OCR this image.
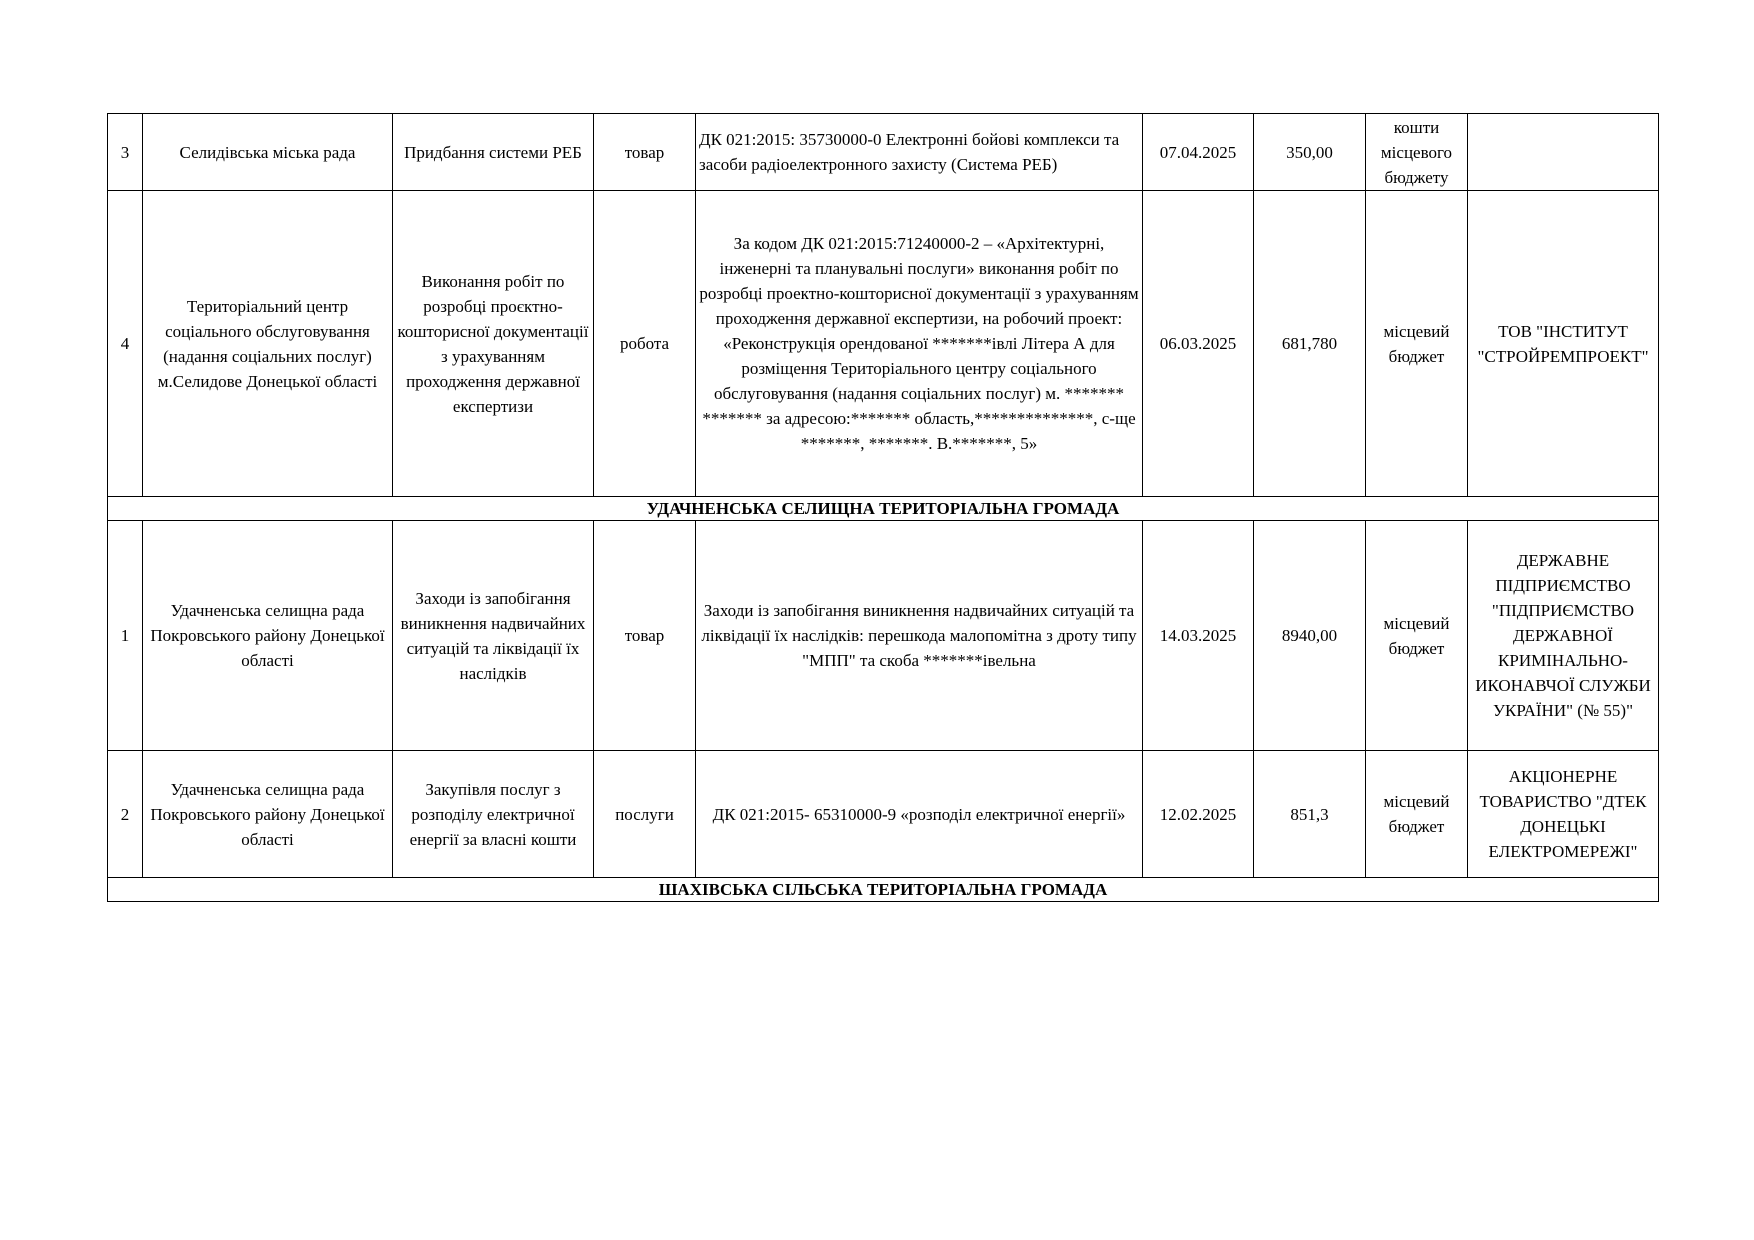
3	Селидівська міська рада	Придбання системи РЕБ	товар	ДК 021:2015: 35730000-0 Електронні бойові комплекси та засоби радіоелектронного захисту (Система РЕБ)	07.04.2025	350,00	кошти місцевого бюджету	
4	Територіальний центр соціального обслуговування (надання соціальних послуг) м.Селидове Донецької області	Виконання робіт по розробці проєктно-кошторисної документації з урахуванням проходження державної експертизи	робота	За кодом ДК 021:2015:71240000-2 – «Архітектурні, інженерні та планувальні послуги» виконання робіт по розробці проектно-кошторисної документації з урахуванням проходження державної експертизи, на робочий проект: «Реконструкція орендованої *******івлі Літера А для розміщення Територіального центру соціального обслуговування (надання соціальних послуг) м. ******* ******* за адресою:******* область,**************, с-ще *******, *******. В.*******, 5»	06.03.2025	681,780	місцевий бюджет	ТОВ "ІНСТИТУТ "СТРОЙРЕМПРОЕКТ"
УДАЧНЕНСЬКА СЕЛИЩНА ТЕРИТОРІАЛЬНА ГРОМАДА								
1	Удачненська селищна рада Покровського району Донецької області	Заходи із запобігання виникнення надвичайних ситуацій та ліквідації їх наслідків	товар	Заходи із запобігання виникнення надвичайних ситуацій та ліквідації їх наслідків: перешкода малопомітна з дроту типу "МПП" та скоба *******івельна	14.03.2025	8940,00	місцевий бюджет	ДЕРЖАВНЕ ПІДПРИЄМСТВО "ПІДПРИЄМСТВО ДЕРЖАВНОЇ КРИМІНАЛЬНО-ИКОНАВЧОЇ СЛУЖБИ УКРАЇНИ" (№ 55)"
2	Удачненська селищна рада Покровського району Донецької області	Закупівля послуг з розподілу електричної енергії за власні кошти	послуги	ДК 021:2015- 65310000-9 «розподіл електричної енергії»	12.02.2025	851,3	місцевий бюджет	АКЦІОНЕРНЕ ТОВАРИСТВО "ДТЕК ДОНЕЦЬКІ ЕЛЕКТРОМЕРЕЖІ"
ШАХІВСЬКА СІЛЬСЬКА ТЕРИТОРІАЛЬНА ГРОМАДА								
